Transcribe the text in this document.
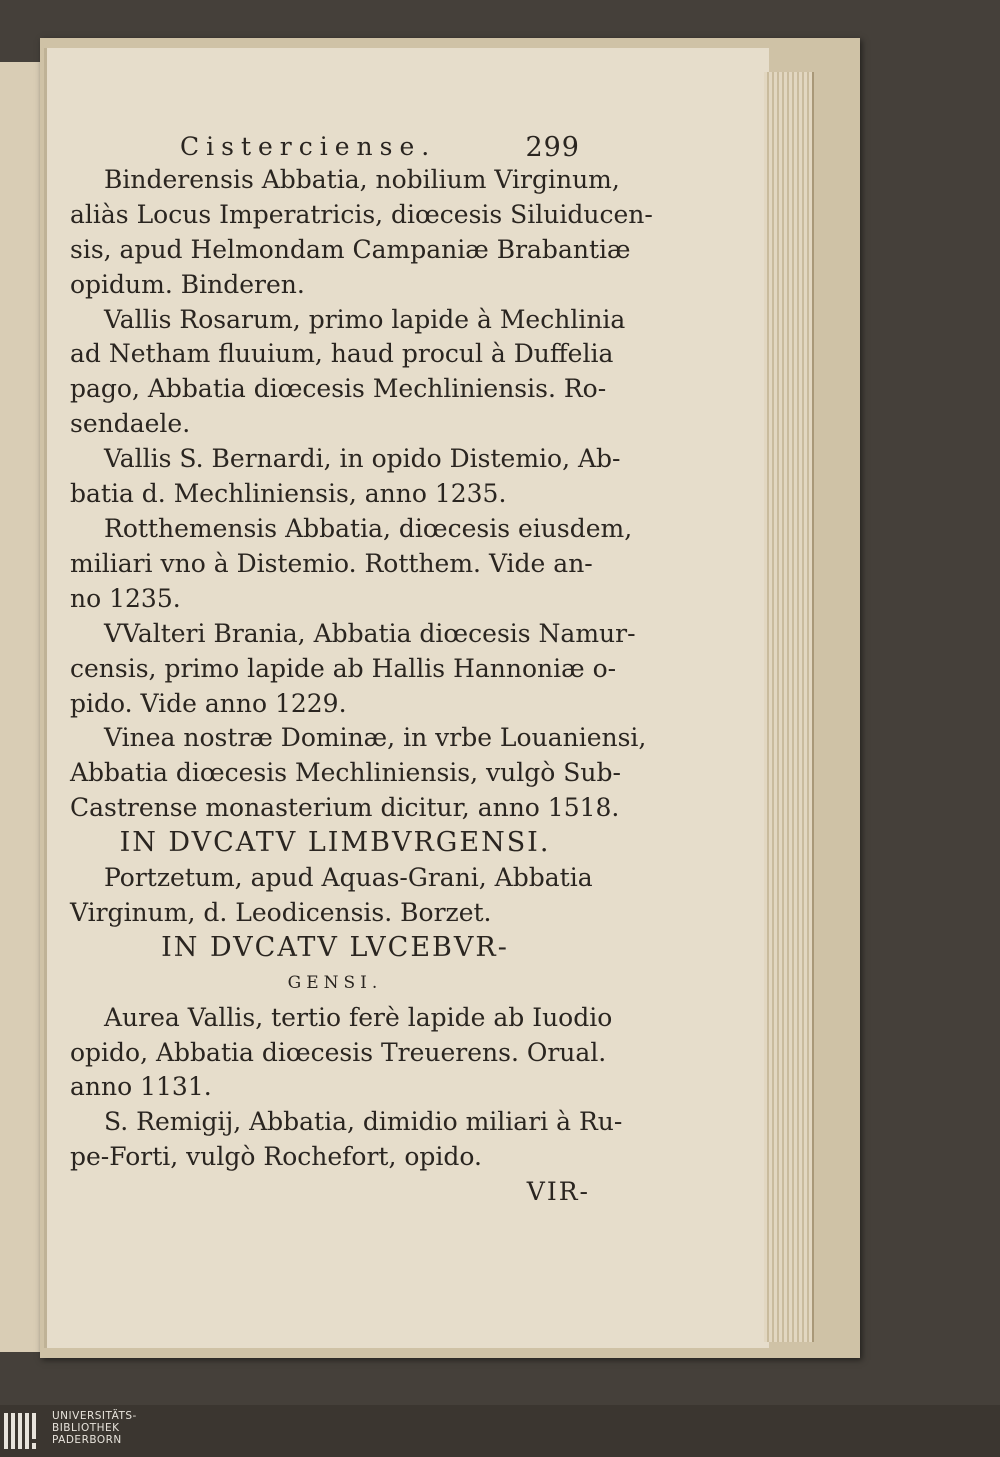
Cisterciense.	299

Binderensis Abbatia, nobilium Virginum,
aliàs Locus Imperatricis, diœcesis Siluiducen-
sis, apud Helmondam Campaniæ Brabantiæ
opidum. Binderen.
Vallis Rosarum, primo lapide à Mechlinia
ad Netham fluuium, haud procul à Duffelia
pago, Abbatia diœcesis Mechliniensis. Ro-
sendaele.
Vallis S. Bernardi, in opido Distemio, Ab-
batia d. Mechliniensis, anno 1235.
Rotthemensis Abbatia, diœcesis eiusdem,
miliari vno à Distemio. Rotthem. Vide an-
no 1235.
VValteri Brania, Abbatia diœcesis Namur-
censis, primo lapide ab Hallis Hannoniæ o-
pido. Vide anno 1229.
Vinea nostræ Dominæ, in vrbe Louaniensi,
Abbatia diœcesis Mechliniensis, vulgò Sub-
Castrense monasterium dicitur, anno 1518.
IN DVCATV LIMBVRGENSI.
Portzetum, apud Aquas-Grani, Abbatia
Virginum, d. Leodicensis. Borzet.
IN DVCATV LVCEBVR-
GENSI.
Aurea Vallis, tertio ferè lapide ab Iuodio
opido, Abbatia diœcesis Treuerens. Orual.
anno 1131.
S. Remigij, Abbatia, dimidio miliari à Ru-
pe-Forti, vulgò Rochefort, opido.
VIR-
UNIVERSITÄTS-
BIBLIOTHEK
PADERBORN
